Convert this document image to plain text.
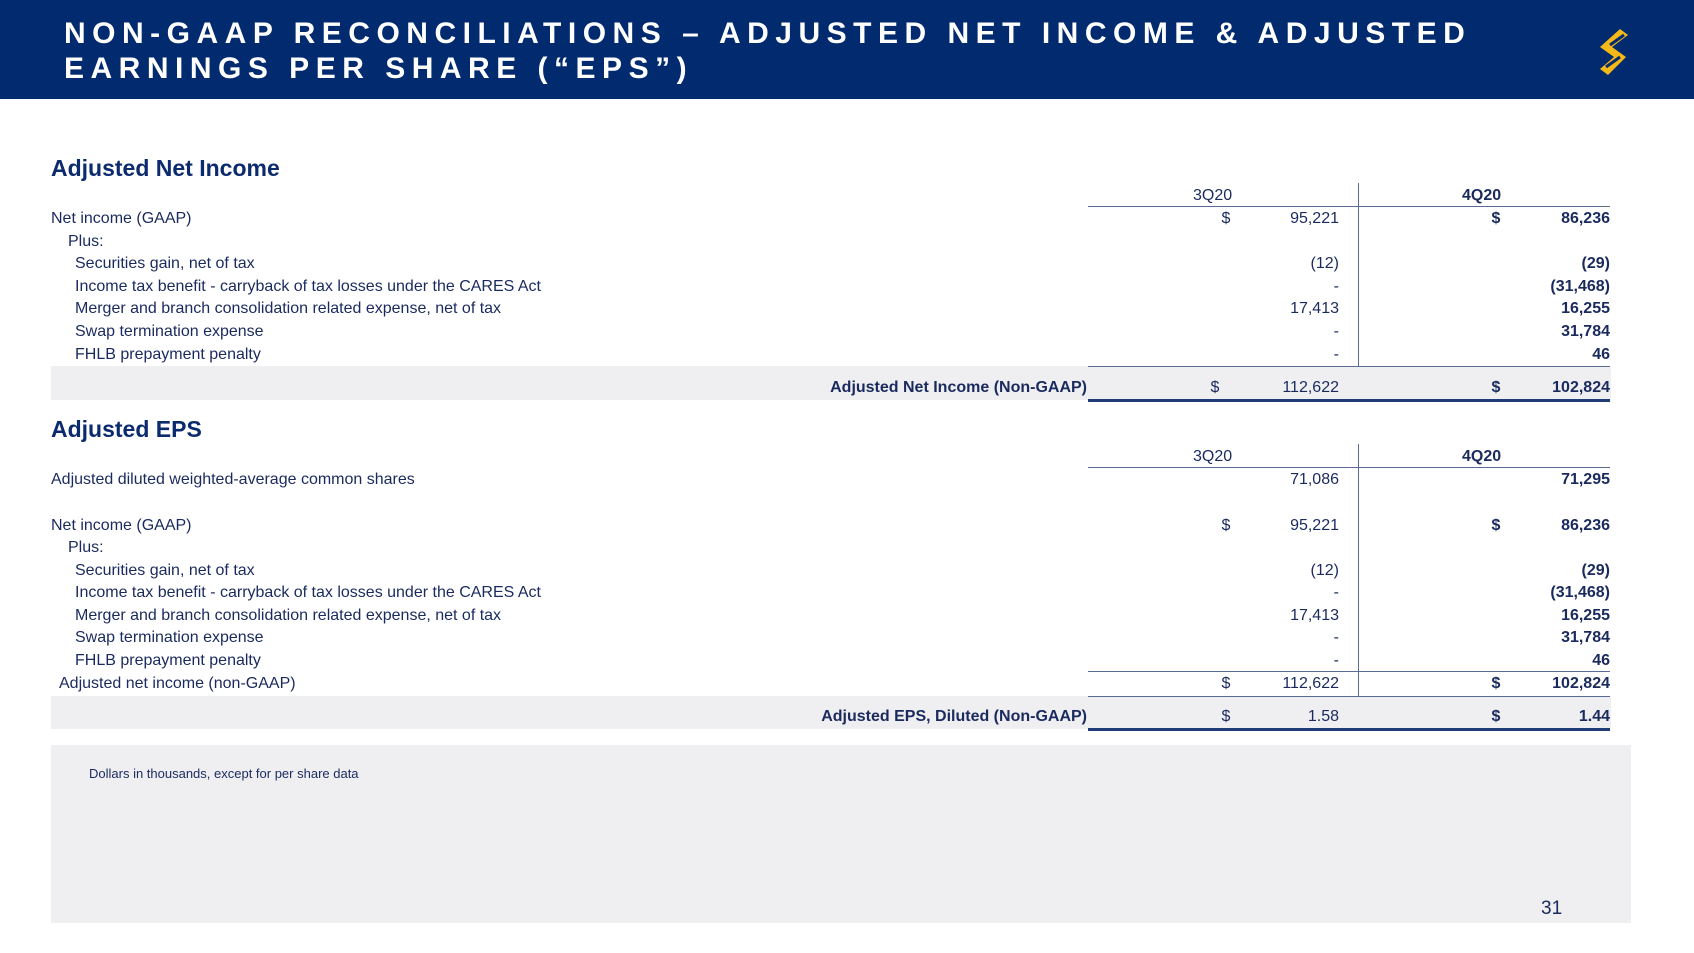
NON-GAAP RECONCILIATIONS – ADJUSTED NET INCOME & ADJUSTED
EARNINGS PER SHARE (“EPS”)
Adjusted Net Income
3Q20	4Q20
Net income (GAAP)	$	95,221	$	86,236
Plus:
Securities gain, net of tax	(12)	(29)
Income tax benefit - carryback of tax losses under the CARES Act	-	(31,468)
Merger and branch consolidation related expense, net of tax	17,413	16,255
Swap termination expense	-	31,784
FHLB prepayment penalty	-	46
Adjusted Net Income (Non-GAAP)	$	112,622	$	102,824
Adjusted EPS
3Q20	4Q20
Adjusted diluted weighted-average common shares	71,086	71,295
Net income (GAAP)	$	95,221	$	86,236
Plus:
Securities gain, net of tax	(12)	(29)
Income tax benefit - carryback of tax losses under the CARES Act	-	(31,468)
Merger and branch consolidation related expense, net of tax	17,413	16,255
Swap termination expense	-	31,784
FHLB prepayment penalty	-	46
Adjusted net income (non-GAAP)	$	112,622	$	102,824
Adjusted EPS, Diluted (Non-GAAP)	$	1.58	$	1.44
Dollars in thousands, except for per share data
31
